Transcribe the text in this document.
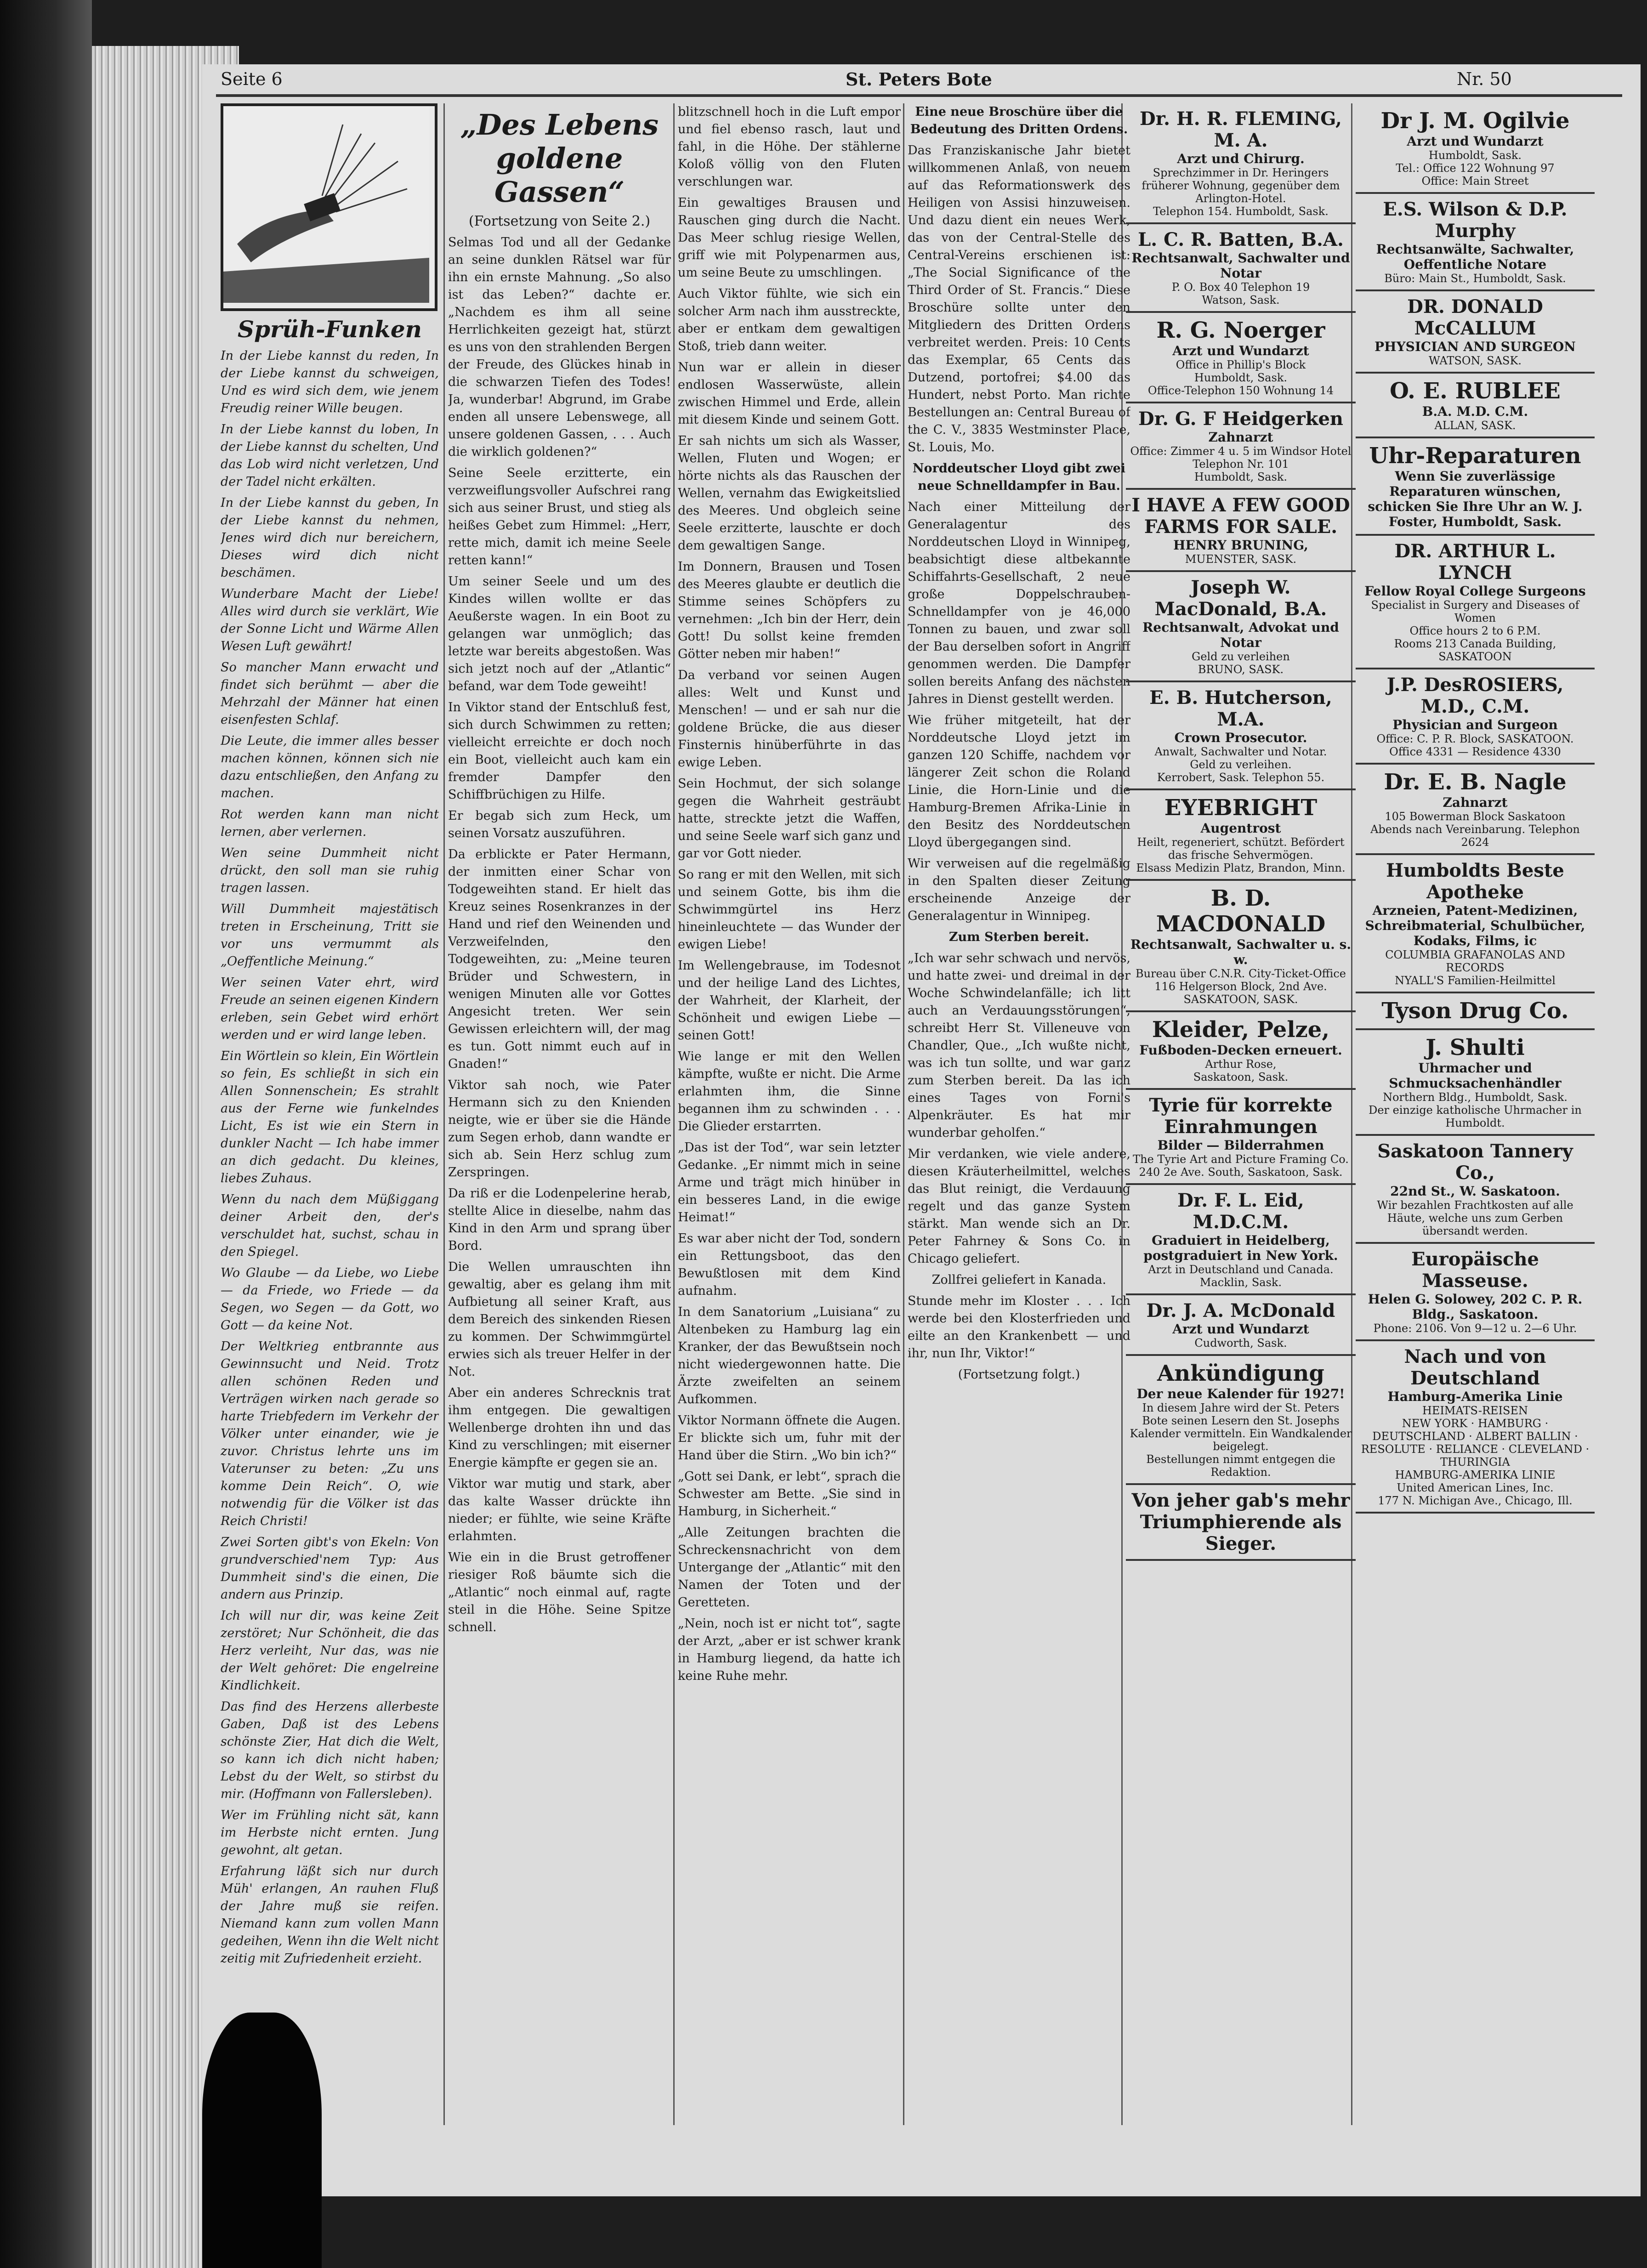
Seite 6	St. Peters Bote	Nr. 50
Sprüh-Funken

In der Liebe kannst du reden, In der Liebe kannst du schweigen, Und es wird sich dem, wie jenem Freudig reiner Wille beugen.

In der Liebe kannst du loben, In der Liebe kannst du schelten, Und das Lob wird nicht verletzen, Und der Tadel nicht erkälten.

In der Liebe kannst du geben, In der Liebe kannst du nehmen, Jenes wird dich nur bereichern, Dieses wird dich nicht beschämen.

Wunderbare Macht der Liebe! Alles wird durch sie verklärt, Wie der Sonne Licht und Wärme Allen Wesen Luft gewährt!

So mancher Mann erwacht und findet sich berühmt — aber die Mehrzahl der Männer hat einen eisenfesten Schlaf.

Die Leute, die immer alles besser machen können, können sich nie dazu entschließen, den Anfang zu machen.

Rot werden kann man nicht lernen, aber verlernen.

Wen seine Dummheit nicht drückt, den soll man sie ruhig tragen lassen.

Will Dummheit majestätisch treten in Erscheinung, Tritt sie vor uns vermummt als „Oeffentliche Meinung.“

Wer seinen Vater ehrt, wird Freude an seinen eigenen Kindern erleben, sein Gebet wird erhört werden und er wird lange leben.

Ein Wörtlein so klein, Ein Wörtlein so fein, Es schließt in sich ein Allen Sonnenschein; Es strahlt aus der Ferne wie funkelndes Licht, Es ist wie ein Stern in dunkler Nacht — Ich habe immer an dich gedacht. Du kleines, liebes Zuhaus.

Wenn du nach dem Müßiggang deiner Arbeit den, der's verschuldet hat, suchst, schau in den Spiegel.

Wo Glaube — da Liebe, wo Liebe — da Friede, wo Friede — da Segen, wo Segen — da Gott, wo Gott — da keine Not.

Der Weltkrieg entbrannte aus Gewinnsucht und Neid. Trotz allen schönen Reden und Verträgen wirken nach gerade so harte Triebfedern im Verkehr der Völker unter einander, wie je zuvor. Christus lehrte uns im Vaterunser zu beten: „Zu uns komme Dein Reich“. O, wie notwendig für die Völker ist das Reich Christi!

Zwei Sorten gibt's von Ekeln: Von grundverschied'nem Typ: Aus Dummheit sind's die einen, Die andern aus Prinzip.

Ich will nur dir, was keine Zeit zerstöret; Nur Schönheit, die das Herz verleiht, Nur das, was nie der Welt gehöret: Die engelreine Kindlichkeit.

Das find des Herzens allerbeste Gaben, Daß ist des Lebens schönste Zier, Hat dich die Welt, so kann ich dich nicht haben; Lebst du der Welt, so stirbst du mir. (Hoffmann von Fallersleben).

Wer im Frühling nicht sät, kann im Herbste nicht ernten. Jung gewohnt, alt getan.

Erfahrung läßt sich nur durch Müh' erlangen, An rauhen Fluß der Jahre muß sie reifen. Niemand kann zum vollen Mann gedeihen, Wenn ihn die Welt nicht zeitig mit Zufriedenheit erzieht.

„Des Lebens goldene Gassen“
(Fortsetzung von Seite 2.)

Selmas Tod und all der Gedanke an seine dunklen Rätsel war für ihn ein ernste Mahnung. „So also ist das Leben?“ dachte er. „Nachdem es ihm all seine Herrlichkeiten gezeigt hat, stürzt es uns von den strahlenden Bergen der Freude, des Glückes hinab in die schwarzen Tiefen des Todes! Ja, wunderbar! Abgrund, im Grabe enden all unsere Lebenswege, all unsere goldenen Gassen, . . . Auch die wirklich goldenen?“

Seine Seele erzitterte, ein verzweiflungsvoller Aufschrei rang sich aus seiner Brust, und stieg als heißes Gebet zum Himmel: „Herr, rette mich, damit ich meine Seele retten kann!“

Um seiner Seele und um des Kindes willen wollte er das Aeußerste wagen. In ein Boot zu gelangen war unmöglich; das letzte war bereits abgestoßen. Was sich jetzt noch auf der „Atlantic“ befand, war dem Tode geweiht!

In Viktor stand der Entschluß fest, sich durch Schwimmen zu retten; vielleicht erreichte er doch noch ein Boot, vielleicht auch kam ein fremder Dampfer den Schiffbrüchigen zu Hilfe.

Er begab sich zum Heck, um seinen Vorsatz auszuführen.

Da erblickte er Pater Hermann, der inmitten einer Schar von Todgeweihten stand. Er hielt das Kreuz seines Rosenkranzes in der Hand und rief den Weinenden und Verzweifelnden, den Todgeweihten, zu: „Meine teuren Brüder und Schwestern, in wenigen Minuten alle vor Gottes Angesicht treten. Wer sein Gewissen erleichtern will, der mag es tun. Gott nimmt euch auf in Gnaden!“

Viktor sah noch, wie Pater Hermann sich zu den Knienden neigte, wie er über sie die Hände zum Segen erhob, dann wandte er sich ab. Sein Herz schlug zum Zerspringen.

Da riß er die Lodenpelerine herab, stellte Alice in dieselbe, nahm das Kind in den Arm und sprang über Bord.

Die Wellen umrauschten ihn gewaltig, aber es gelang ihm mit Aufbietung all seiner Kraft, aus dem Bereich des sinkenden Riesen zu kommen. Der Schwimmgürtel erwies sich als treuer Helfer in der Not.

Aber ein anderes Schrecknis trat ihm entgegen. Die gewaltigen Wellenberge drohten ihn und das Kind zu verschlingen; mit eiserner Energie kämpfte er gegen sie an.

Viktor war mutig und stark, aber das kalte Wasser drückte ihn nieder; er fühlte, wie seine Kräfte erlahmten.

Wie ein in die Brust getroffener riesiger Roß bäumte sich die „Atlantic“ noch einmal auf, ragte steil in die Höhe. Seine Spitze schnell.

blitzschnell hoch in die Luft empor und fiel ebenso rasch, laut und fahl, in die Höhe. Der stählerne Koloß völlig von den Fluten verschlungen war.

Ein gewaltiges Brausen und Rauschen ging durch die Nacht. Das Meer schlug riesige Wellen, griff wie mit Polypenarmen aus, um seine Beute zu umschlingen.

Auch Viktor fühlte, wie sich ein solcher Arm nach ihm ausstreckte, aber er entkam dem gewaltigen Stoß, trieb dann weiter.

Nun war er allein in dieser endlosen Wasserwüste, allein zwischen Himmel und Erde, allein mit diesem Kinde und seinem Gott.

Er sah nichts um sich als Wasser, Wellen, Fluten und Wogen; er hörte nichts als das Rauschen der Wellen, vernahm das Ewigkeitslied des Meeres. Und obgleich seine Seele erzitterte, lauschte er doch dem gewaltigen Sange.

Im Donnern, Brausen und Tosen des Meeres glaubte er deutlich die Stimme seines Schöpfers zu vernehmen: „Ich bin der Herr, dein Gott! Du sollst keine fremden Götter neben mir haben!“

Da verband vor seinen Augen alles: Welt und Kunst und Menschen! — und er sah nur die goldene Brücke, die aus dieser Finsternis hinüberführte in das ewige Leben.

Sein Hochmut, der sich solange gegen die Wahrheit gesträubt hatte, streckte jetzt die Waffen, und seine Seele warf sich ganz und gar vor Gott nieder.

So rang er mit den Wellen, mit sich und seinem Gotte, bis ihm die Schwimmgürtel ins Herz hineinleuchtete — das Wunder der ewigen Liebe!

Im Wellengebrause, im Todesnot und der heilige Land des Lichtes, der Wahrheit, der Klarheit, der Schönheit und ewigen Liebe — seinen Gott!

Wie lange er mit den Wellen kämpfte, wußte er nicht. Die Arme erlahmten ihm, die Sinne begannen ihm zu schwinden . . . Die Glieder erstarrten.

„Das ist der Tod“, war sein letzter Gedanke. „Er nimmt mich in seine Arme und trägt mich hinüber in ein besseres Land, in die ewige Heimat!“

Es war aber nicht der Tod, sondern ein Rettungsboot, das den Bewußtlosen mit dem Kind aufnahm.

In dem Sanatorium „Luisiana“ zu Altenbeken zu Hamburg lag ein Kranker, der das Bewußtsein noch nicht wiedergewonnen hatte. Die Ärzte zweifelten an seinem Aufkommen.

Viktor Normann öffnete die Augen. Er blickte sich um, fuhr mit der Hand über die Stirn. „Wo bin ich?“

„Gott sei Dank, er lebt“, sprach die Schwester am Bette. „Sie sind in Hamburg, in Sicherheit.“

„Alle Zeitungen brachten die Schreckensnachricht von dem Untergange der „Atlantic“ mit den Namen der Toten und der Geretteten.

„Nein, noch ist er nicht tot“, sagte der Arzt, „aber er ist schwer krank in Hamburg liegend, da hatte ich keine Ruhe mehr.

Eine neue Broschüre über die Bedeutung des Dritten Ordens.

Das Franziskanische Jahr bietet willkommenen Anlaß, von neuem auf das Reformationswerk des Heiligen von Assisi hinzuweisen. Und dazu dient ein neues Werk, das von der Central-Stelle des Central-Vereins erschienen ist: „The Social Significance of the Third Order of St. Francis.“ Diese Broschüre sollte unter den Mitgliedern des Dritten Ordens verbreitet werden. Preis: 10 Cents das Exemplar, 65 Cents das Dutzend, portofrei; $4.00 das Hundert, nebst Porto. Man richte Bestellungen an: Central Bureau of the C. V., 3835 Westminster Place, St. Louis, Mo.

Norddeutscher Lloyd gibt zwei neue Schnelldampfer in Bau.

Nach einer Mitteilung der Generalagentur des Norddeutschen Lloyd in Winnipeg, beabsichtigt diese altbekannte Schiffahrts-Gesellschaft, 2 neue große Doppelschrauben-Schnelldampfer von je 46,000 Tonnen zu bauen, und zwar soll der Bau derselben sofort in Angriff genommen werden. Die Dampfer sollen bereits Anfang des nächsten Jahres in Dienst gestellt werden.

Wie früher mitgeteilt, hat der Norddeutsche Lloyd jetzt im ganzen 120 Schiffe, nachdem vor längerer Zeit schon die Roland Linie, die Horn-Linie und die Hamburg-Bremen Afrika-Linie in den Besitz des Norddeutschen Lloyd übergegangen sind.

Wir verweisen auf die regelmäßig in den Spalten dieser Zeitung erscheinende Anzeige der Generalagentur in Winnipeg.

Zum Sterben bereit.

„Ich war sehr schwach und nervös, und hatte zwei- und dreimal in der Woche Schwindelanfälle; ich litt auch an Verdauungsstörungen“, schreibt Herr St. Villeneuve von Chandler, Que., „Ich wußte nicht, was ich tun sollte, und war ganz zum Sterben bereit. Da las ich eines Tages von Forni's Alpenkräuter. Es hat mir wunderbar geholfen.“

Mir verdanken, wie viele andere, diesen Kräuterheilmittel, welches das Blut reinigt, die Verdauung regelt und das ganze System stärkt. Man wende sich an Dr. Peter Fahrney & Sons Co. in Chicago geliefert.

Zollfrei geliefert in Kanada.

Stunde mehr im Kloster . . . Ich werde bei den Klosterfrieden und eilte an den Krankenbett — und ihr, nun Ihr, Viktor!“

(Fortsetzung folgt.)

Dr. H. R. FLEMING, M. A.
Arzt und Chirurg.
Sprechzimmer in Dr. Heringers früherer Wohnung, gegenüber dem Arlington-Hotel.
Telephon 154. Humboldt, Sask.
L. C. R. Batten, B.A.
Rechtsanwalt, Sachwalter und Notar
P. O. Box 40 Telephon 19
Watson, Sask.
R. G. Noerger
Arzt und Wundarzt
Office in Phillip's Block
Humboldt, Sask.
Office-Telephon 150 Wohnung 14
Dr. G. F Heidgerken
Zahnarzt
Office: Zimmer 4 u. 5 im Windsor Hotel
Telephon Nr. 101
Humboldt, Sask.
I HAVE A FEW GOOD FARMS FOR SALE.
HENRY BRUNING,
MUENSTER, SASK.
Joseph W. MacDonald, B.A.
Rechtsanwalt, Advokat und Notar
Geld zu verleihen
BRUNO, SASK.
E. B. Hutcherson, M.A.
Crown Prosecutor.
Anwalt, Sachwalter und Notar.
Geld zu verleihen.
Kerrobert, Sask. Telephon 55.
EYEBRIGHT
Augentrost
Heilt, regeneriert, schützt. Befördert das frische Sehvermögen.
Elsass Medizin Platz, Brandon, Minn.
B. D. MACDONALD
Rechtsanwalt, Sachwalter u. s. w.
Bureau über C.N.R. City-Ticket-Office
116 Helgerson Block, 2nd Ave.
SASKATOON, SASK.
Kleider, Pelze,
Fußboden-Decken erneuert.
Arthur Rose,
Saskatoon, Sask.
Tyrie für korrekte Einrahmungen
Bilder — Bilderrahmen
The Tyrie Art and Picture Framing Co.
240 2e Ave. South, Saskatoon, Sask.
Dr. F. L. Eid, M.D.C.M.
Graduiert in Heidelberg, postgraduiert in New York.
Arzt in Deutschland und Canada.
Macklin, Sask.
Dr. J. A. McDonald
Arzt und Wundarzt
Cudworth, Sask.
Ankündigung
Der neue Kalender für 1927!
In diesem Jahre wird der St. Peters Bote seinen Lesern den St. Josephs Kalender vermitteln. Ein Wandkalender beigelegt.
Bestellungen nimmt entgegen die Redaktion.
Von jeher gab's mehr Triumphierende als Sieger.
Dr J. M. Ogilvie
Arzt und Wundarzt
Humboldt, Sask.
Tel.: Office 122 Wohnung 97
Office: Main Street
E.S. Wilson & D.P. Murphy
Rechtsanwälte, Sachwalter, Oeffentliche Notare
Büro: Main St., Humboldt, Sask.
DR. DONALD McCALLUM
PHYSICIAN AND SURGEON
WATSON, SASK.
O. E. RUBLEE
B.A. M.D. C.M.
ALLAN, SASK.
Uhr-Reparaturen
Wenn Sie zuverlässige Reparaturen wünschen, schicken Sie Ihre Uhr an W. J. Foster, Humboldt, Sask.
DR. ARTHUR L. LYNCH
Fellow Royal College Surgeons
Specialist in Surgery and Diseases of Women
Office hours 2 to 6 P.M.
Rooms 213 Canada Building, SASKATOON
J.P. DesROSIERS, M.D., C.M.
Physician and Surgeon
Office: C. P. R. Block, SASKATOON.
Office 4331 — Residence 4330
Dr. E. B. Nagle
Zahnarzt
105 Bowerman Block Saskatoon
Abends nach Vereinbarung. Telephon 2624
Humboldts Beste Apotheke
Arzneien, Patent-Medizinen, Schreibmaterial, Schulbücher, Kodaks, Films, ic
COLUMBIA GRAFANOLAS AND RECORDS
NYALL'S Familien-Heilmittel
Tyson Drug Co.
J. Shulti
Uhrmacher und Schmucksachenhändler
Northern Bldg., Humboldt, Sask.
Der einzige katholische Uhrmacher in Humboldt.
Saskatoon Tannery Co.,
22nd St., W. Saskatoon.
Wir bezahlen Frachtkosten auf alle Häute, welche uns zum Gerben übersandt werden.
Europäische Masseuse.
Helen G. Solowey, 202 C. P. R. Bldg., Saskatoon.
Phone: 2106. Von 9—12 u. 2—6 Uhr.
Nach und von Deutschland
Hamburg-Amerika Linie
HEIMATS-REISEN
NEW YORK · HAMBURG · DEUTSCHLAND · ALBERT BALLIN · RESOLUTE · RELIANCE · CLEVELAND · THURINGIA
HAMBURG-AMERIKA LINIE
United American Lines, Inc.
177 N. Michigan Ave., Chicago, Ill.
